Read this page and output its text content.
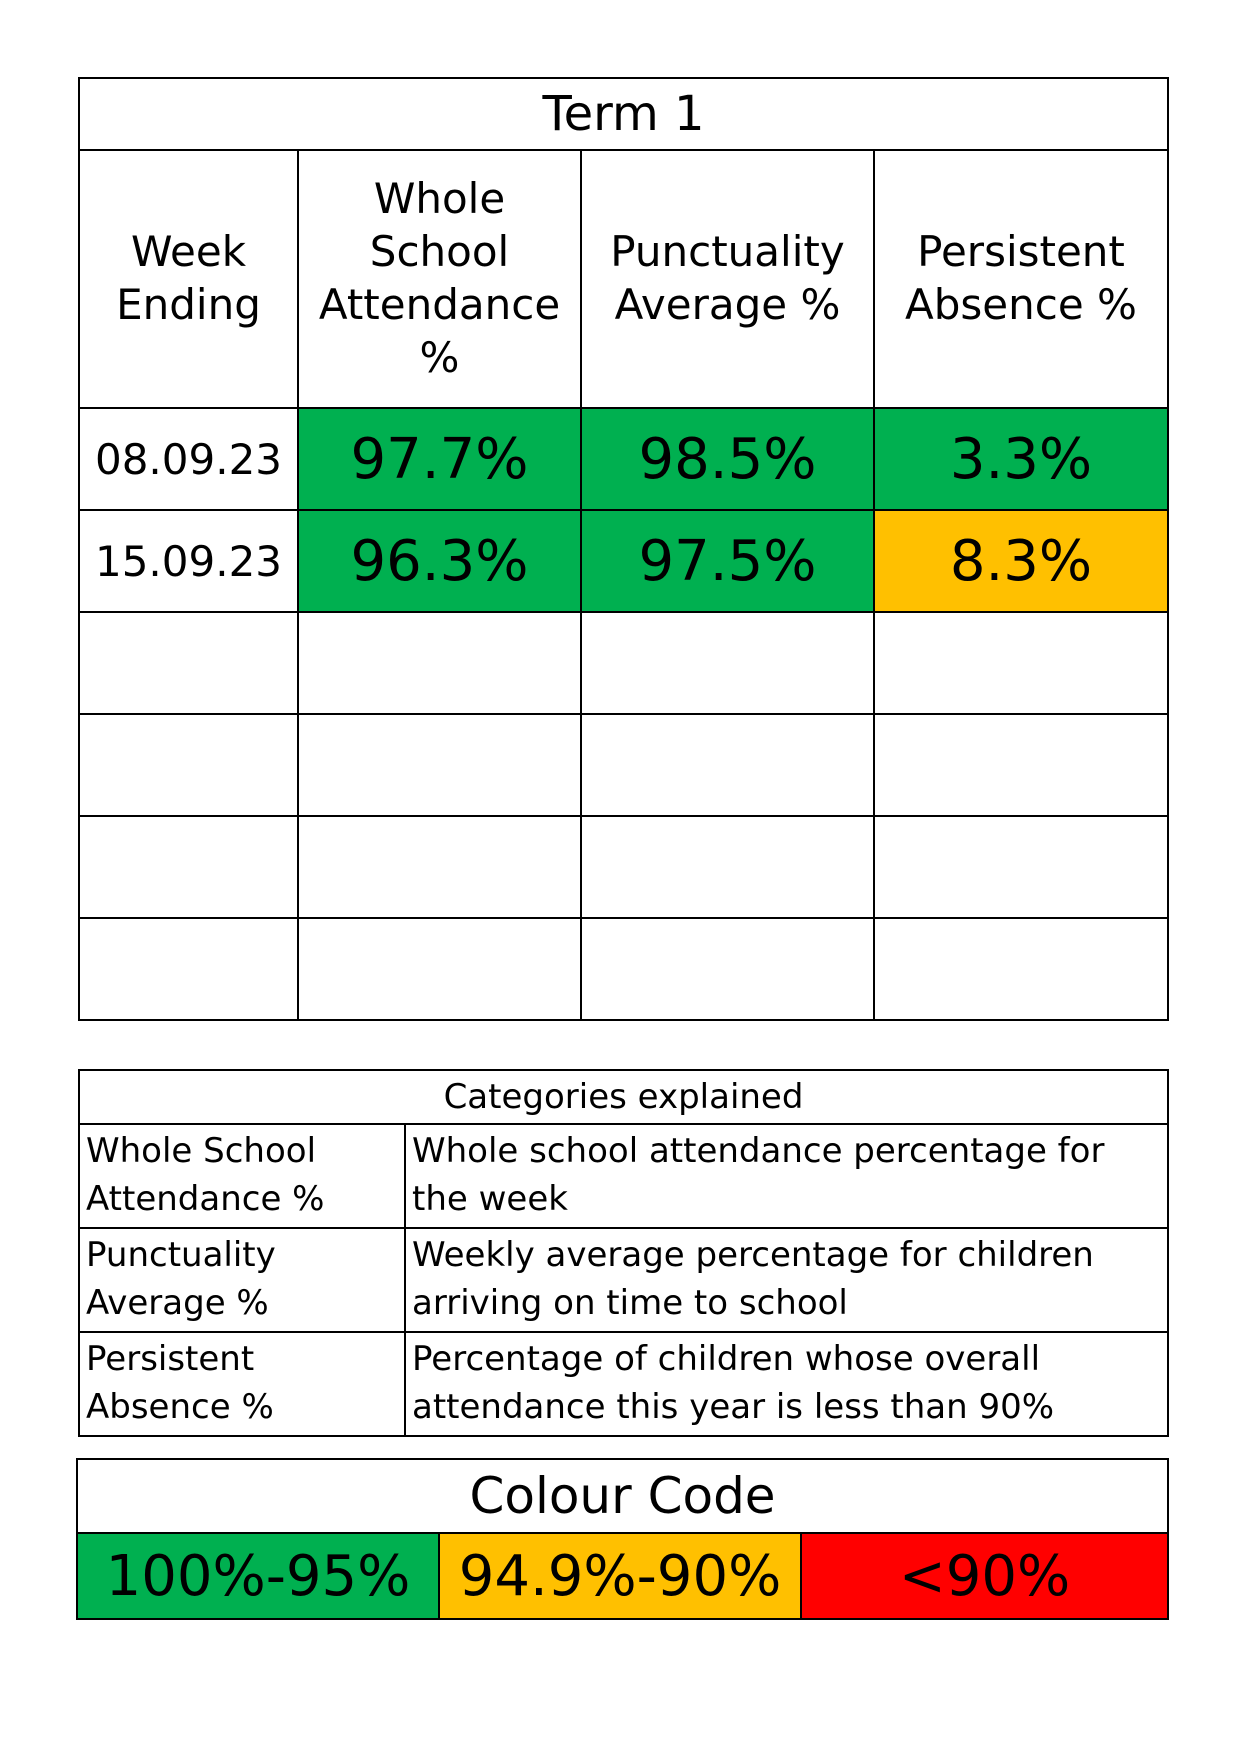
Term 1			
Week Ending	Whole School Attendance %	Punctuality Average %	Persistent Absence %
08.09.23	97.7%	98.5%	3.3%
15.09.23	96.3%	97.5%	8.3%

Categories explained	
Whole School Attendance %	Whole school attendance percentage for the week
Punctuality Average %	Weekly average percentage for children arriving on time to school
Persistent Absence %	Percentage of children whose overall attendance this year is less than 90%
Colour Code
100%-95%	94.9%-90%	<90%
